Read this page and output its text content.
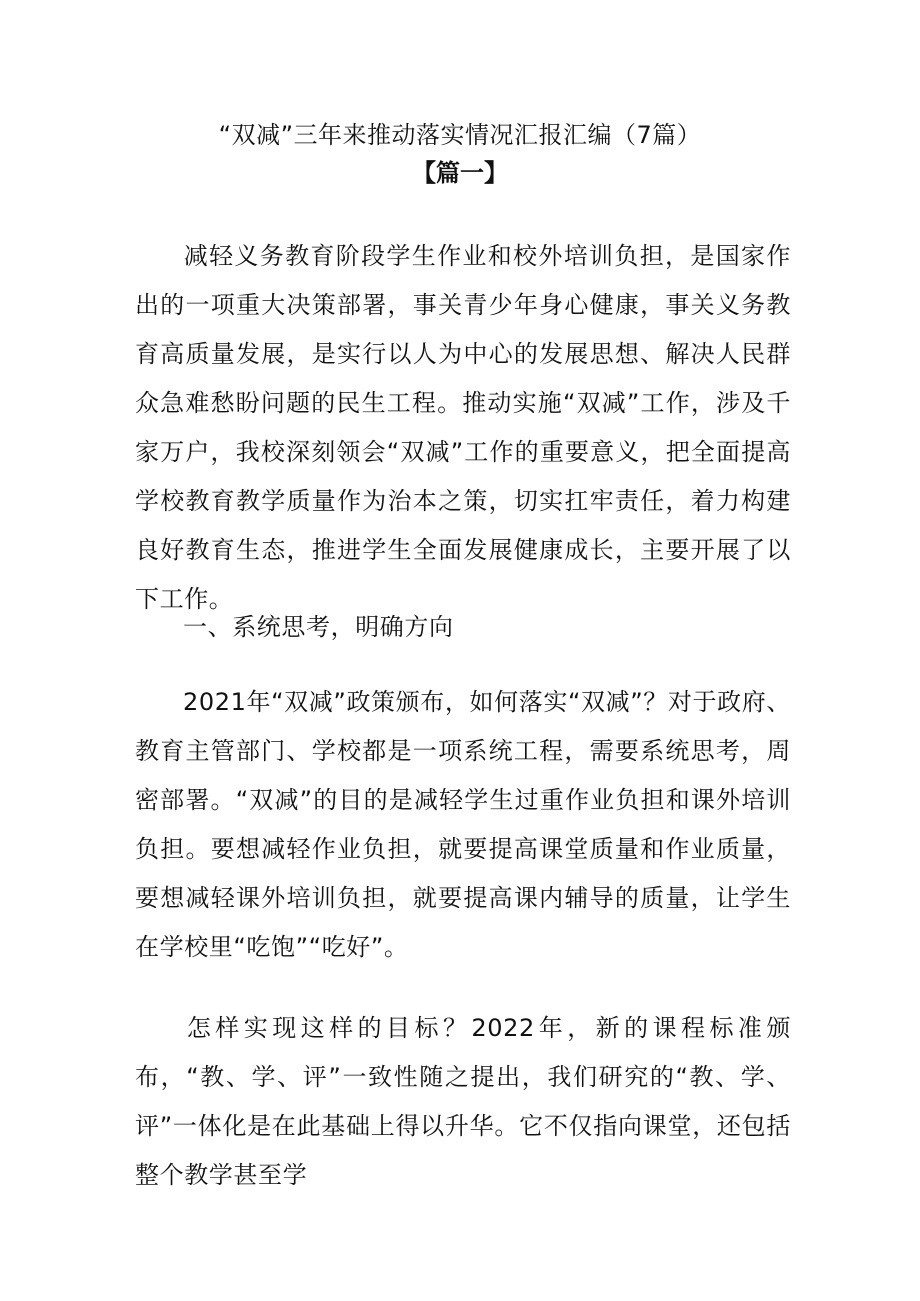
“双减”三年来推动落实情况汇报汇编（7篇）
【篇一】

减轻义务教育阶段学生作业和校外培训负担，是国家作出的一项重大决策部署，事关青少年身心健康，事关义务教育高质量发展，是实行以人为中心的发展思想、解决人民群众急难愁盼问题的民生工程。推动实施“双减”工作，涉及千家万户，我校深刻领会“双减”工作的重要意义，把全面提高学校教育教学质量作为治本之策，切实扛牢责任，着力构建良好教育生态，推进学生全面发展健康成长，主要开展了以下工作。

一、系统思考，明确方向

2021年“双减”政策颁布，如何落实“双减”？对于政府、教育主管部门、学校都是一项系统工程，需要系统思考，周密部署。“双减”的目的是减轻学生过重作业负担和课外培训负担。要想减轻作业负担，就要提高课堂质量和作业质量，要想减轻课外培训负担，就要提高课内辅导的质量，让学生在学校里“吃饱”“吃好”。

怎样实现这样的目标？2022年，新的课程标准颁布，“教、学、评”一致性随之提出，我们研究的“教、学、评”一体化是在此基础上得以升华。它不仅指向课堂，还包括整个教学甚至学
